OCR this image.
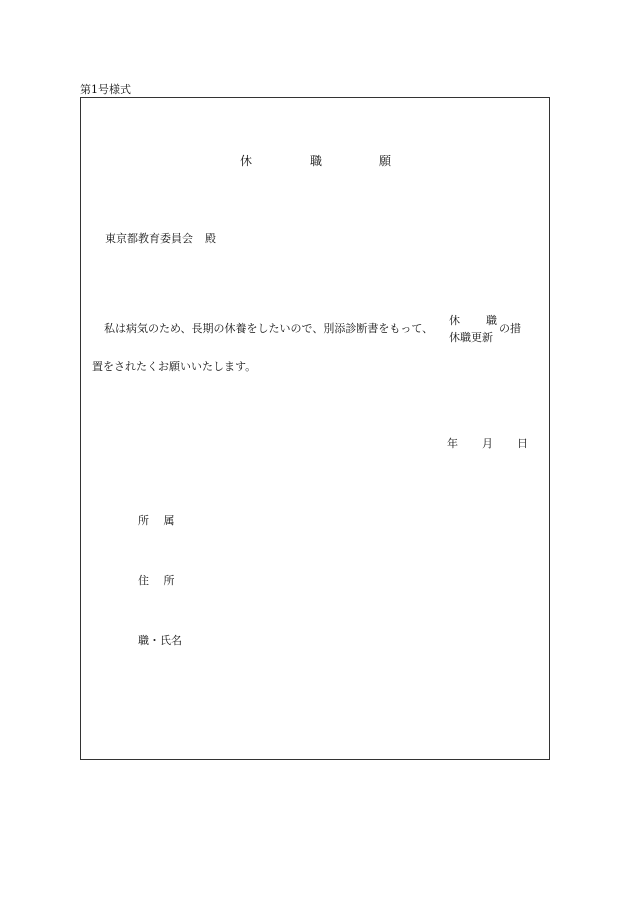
第1号様式
休	職	願
東京都教育委員会 殿
私は病気のため、長期の休養をしたいので、別添診断書をもって、
休 職
休職更新
の措
置をされたくお願いいたします。
年 月 日
所　 属
住　 所
職・氏名
